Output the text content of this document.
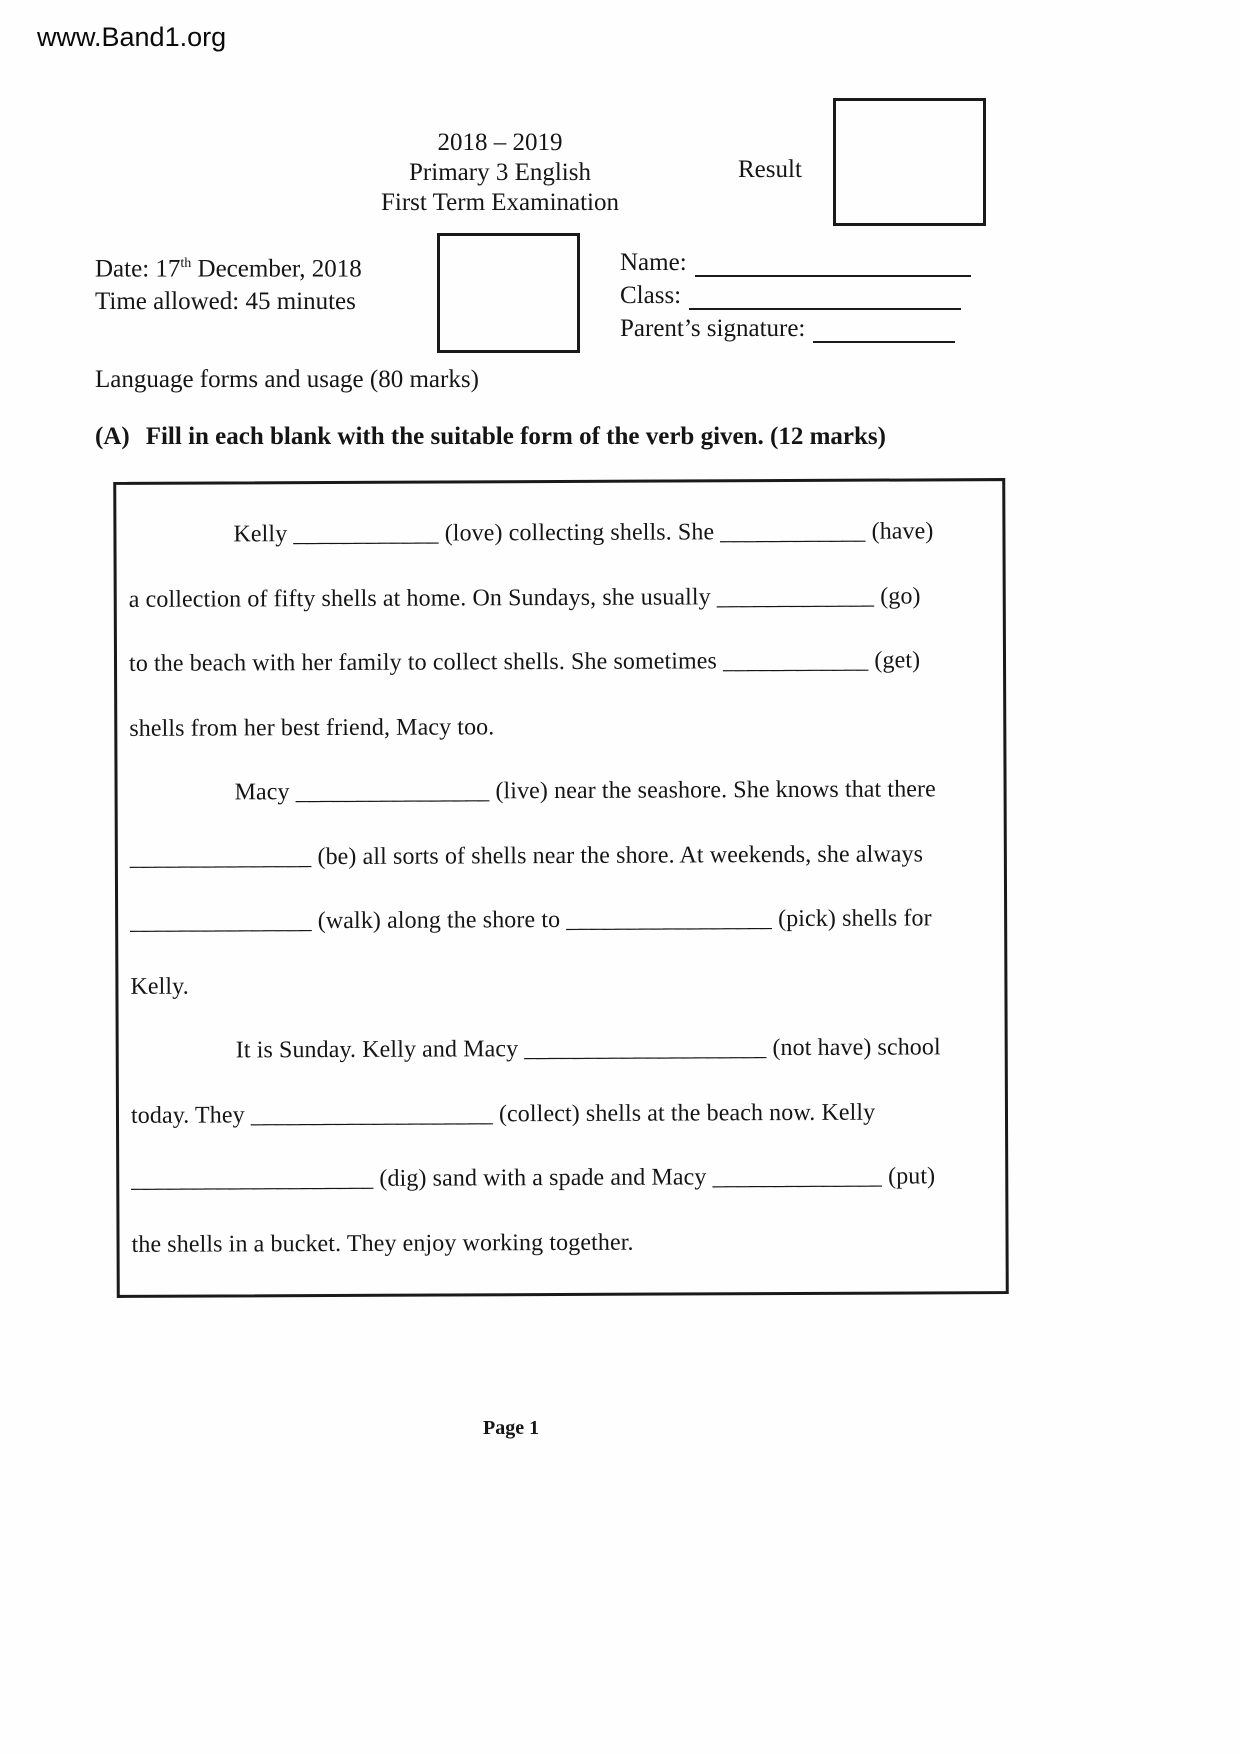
www.Band1.org
2018 – 2019
Primary 3 English
First Term Examination
Result
Date: 17th December, 2018
Time allowed: 45 minutes
Name:
Class:
Parent’s signature:
Language forms and usage (80 marks)
(A) Fill in each blank with the suitable form of the verb given. (12 marks)
Kelly ____________ (love) collecting shells. She ____________ (have)
a collection of fifty shells at home. On Sundays, she usually _____________ (go)
to the beach with her family to collect shells. She sometimes ____________ (get)
shells from her best friend, Macy too.
Macy ________________ (live) near the seashore. She knows that there
_______________ (be) all sorts of shells near the shore. At weekends, she always
_______________ (walk) along the shore to _________________ (pick) shells for
Kelly.
It is Sunday. Kelly and Macy ____________________ (not have) school
today. They ____________________ (collect) shells at the beach now. Kelly
____________________ (dig) sand with a spade and Macy ______________ (put)
the shells in a bucket. They enjoy working together.
Page 1
